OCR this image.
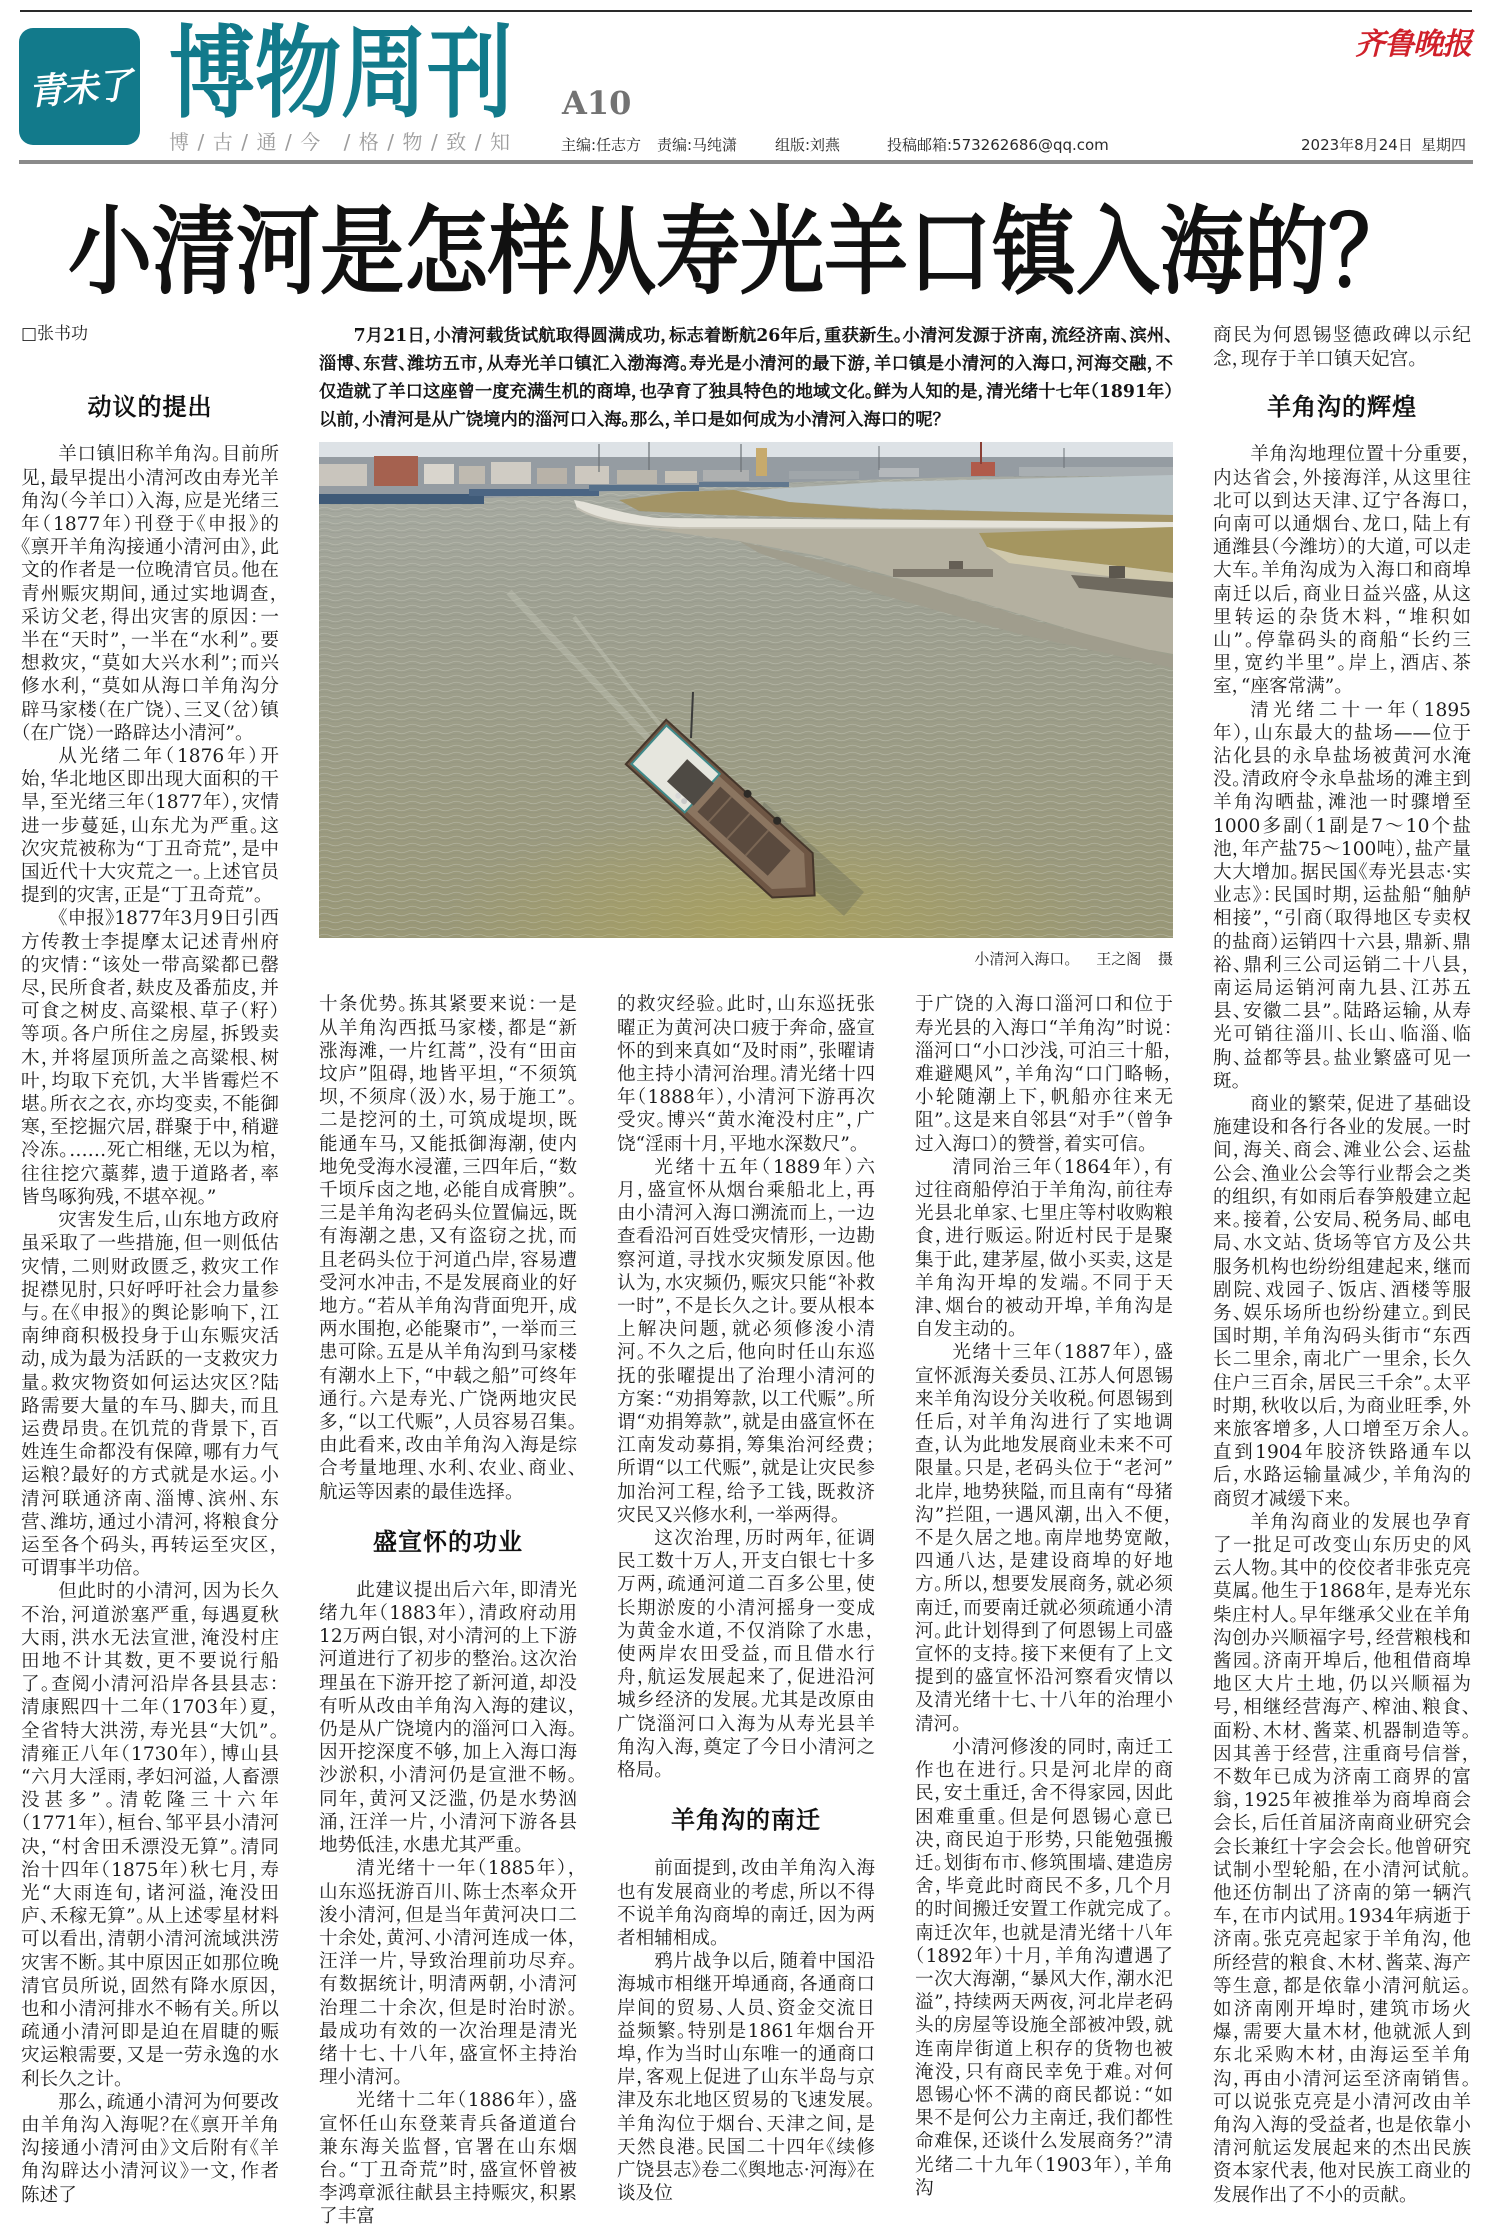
青未了 博物周刊 A10
博/古/通/今 /格/物/致/知	主编:任志方 责编:马纯潇	组版:刘燕	投稿邮箱:573262686@qq.com	2023年8月24日 星期四
齐鲁晚报
小清河是怎样从寿光羊口镇入海的？
□张书功	7月21日，小清河载货试航取得圆满成功，标志着断航26年后，重获新生。小清河发源于济南，流经济南、滨州、淄博、东营、潍坊五市，从寿光羊口镇汇入渤海湾。寿光是小清河的最下游，羊口镇是小清河的入海口，河海交融，不仅造就了羊口这座曾一度充满生机的商埠，也孕育了独具特色的地域文化。鲜为人知的是，清光绪十七年（1891年）以前，小清河是从广饶境内的淄河口入海。那么，羊口是如何成为小清河入海口的呢？

小清河入海口。 王之阁 摄
动议的提出

羊口镇旧称羊角沟。目前所见，最早提出小清河改由寿光羊角沟（今羊口）入海，应是光绪三年（1877年）刊登于《申报》的《禀开羊角沟接通小清河由》，此文的作者是一位晚清官员。他在青州赈灾期间，通过实地调查，采访父老，得出灾害的原因：一半在“天时”，一半在“水利”。要想救灾，“莫如大兴水利”；而兴修水利，“莫如从海口羊角沟分辟马家楼（在广饶）、三叉（岔）镇（在广饶）一路辟达小清河”。

从光绪二年（1876年）开始，华北地区即出现大面积的干旱，至光绪三年（1877年），灾情进一步蔓延，山东尤为严重。这次灾荒被称为“丁丑奇荒”，是中国近代十大灾荒之一。上述官员提到的灾害，正是“丁丑奇荒”。

《申报》1877年3月9日引西方传教士李提摩太记述青州府的灾情：“该处一带高粱都已罄尽，民所食者，麸皮及番茄皮，并可食之树皮、高粱根、草子（籽）等项。各户所住之房屋，拆毁卖木，并将屋顶所盖之高粱根、树叶，均取下充饥，大半皆霉烂不堪。所衣之衣，亦均变卖，不能御寒，至挖掘穴居，群聚于中，稍避冷冻。……死亡相继，无以为棺，往往挖穴藁葬，遗于道路者，率皆鸟啄狗残，不堪卒视。”

灾害发生后，山东地方政府虽采取了一些措施，但一则低估灾情，二则财政匮乏，救灾工作捉襟见肘，只好呼吁社会力量参与。在《申报》的舆论影响下，江南绅商积极投身于山东赈灾活动，成为最为活跃的一支救灾力量。救灾物资如何运达灾区？陆路需要大量的车马、脚夫，而且运费昂贵。在饥荒的背景下，百姓连生命都没有保障，哪有力气运粮？最好的方式就是水运。小清河联通济南、淄博、滨州、东营、潍坊，通过小清河，将粮食分运至各个码头，再转运至灾区，可谓事半功倍。

但此时的小清河，因为长久不治，河道淤塞严重，每遇夏秋大雨，洪水无法宣泄，淹没村庄田地不计其数，更不要说行船了。查阅小清河沿岸各县县志：清康熙四十二年（1703年）夏，全省特大洪涝，寿光县“大饥”。清雍正八年（1730年），博山县“六月大淫雨，孝妇河溢，人畜漂没甚多”。清乾隆三十六年（1771年），桓台、邹平县小清河决，“村舍田禾漂没无算”。清同治十四年（1875年）秋七月，寿光“大雨连旬，诸河溢，淹没田庐、禾稼无算”。从上述零星材料可以看出，清朝小清河流域洪涝灾害不断。其中原因正如那位晚清官员所说，固然有降水原因，也和小清河排水不畅有关。所以疏通小清河即是迫在眉睫的赈灾运粮需要，又是一劳永逸的水利长久之计。

那么，疏通小清河为何要改由羊角沟入海呢？在《禀开羊角沟接通小清河由》文后附有《羊角沟辟达小清河议》一文，作者陈述了

十条优势。拣其紧要来说：一是从羊角沟西抵马家楼，都是“新涨海滩，一片红蒿”，没有“田亩坟庐”阻碍，地皆平坦，“不须筑坝，不须戽（汲）水，易于施工”。二是挖河的土，可筑成堤坝，既能通车马，又能抵御海潮，使内地免受海水浸灌，三四年后，“数千顷斥卤之地，必能自成膏腴”。三是羊角沟老码头位置偏远，既有海潮之患，又有盗窃之扰，而且老码头位于河道凸岸，容易遭受河水冲击，不是发展商业的好地方。“若从羊角沟背面兜开，成两水围抱，必能聚市”，一举而三患可除。五是从羊角沟到马家楼有潮水上下，“中载之船”可终年通行。六是寿光、广饶两地灾民多，“以工代赈”，人员容易召集。由此看来，改由羊角沟入海是综合考量地理、水利、农业、商业、航运等因素的最佳选择。

盛宣怀的功业

此建议提出后六年，即清光绪九年（1883年），清政府动用12万两白银，对小清河的上下游河道进行了初步的整治。这次治理虽在下游开挖了新河道，却没有听从改由羊角沟入海的建议，仍是从广饶境内的淄河口入海。因开挖深度不够，加上入海口海沙淤积，小清河仍是宣泄不畅。同年，黄河又泛滥，仍是水势汹涌，汪洋一片，小清河下游各县地势低洼，水患尤其严重。

清光绪十一年（1885年），山东巡抚游百川、陈士杰率众开浚小清河，但是当年黄河决口二十余处，黄河、小清河连成一体，汪洋一片，导致治理前功尽弃。有数据统计，明清两朝，小清河治理二十余次，但是时治时淤。最成功有效的一次治理是清光绪十七、十八年，盛宣怀主持治理小清河。

光绪十二年（1886年），盛宣怀任山东登莱青兵备道道台兼东海关监督，官署在山东烟台。“丁丑奇荒”时，盛宣怀曾被李鸿章派往献县主持赈灾，积累了丰富

的救灾经验。此时，山东巡抚张曜正为黄河决口疲于奔命，盛宣怀的到来真如“及时雨”，张曜请他主持小清河治理。清光绪十四年（1888年），小清河下游再次受灾。博兴“黄水淹没村庄”，广饶“淫雨十月，平地水深数尺”。

光绪十五年（1889年）六月，盛宣怀从烟台乘船北上，再由小清河入海口溯流而上，一边查看沿河百姓受灾情形，一边勘察河道，寻找水灾频发原因。他认为，水灾频仍，赈灾只能“补救一时”，不是长久之计。要从根本上解决问题，就必须修浚小清河。不久之后，他向时任山东巡抚的张曜提出了治理小清河的方案：“劝捐筹款，以工代赈”。所谓“劝捐筹款”，就是由盛宣怀在江南发动募捐，筹集治河经费；所谓“以工代赈”，就是让灾民参加治河工程，给予工钱，既救济灾民又兴修水利，一举两得。

这次治理，历时两年，征调民工数十万人，开支白银七十多万两，疏通河道二百多公里，使长期淤废的小清河摇身一变成为黄金水道，不仅消除了水患，使两岸农田受益，而且借水行舟，航运发展起来了，促进沿河城乡经济的发展。尤其是改原由广饶淄河口入海为从寿光县羊角沟入海，奠定了今日小清河之格局。

羊角沟的南迁

前面提到，改由羊角沟入海也有发展商业的考虑，所以不得不说羊角沟商埠的南迁，因为两者相辅相成。

鸦片战争以后，随着中国沿海城市相继开埠通商，各通商口岸间的贸易、人员、资金交流日益频繁。特别是1861年烟台开埠，作为当时山东唯一的通商口岸，客观上促进了山东半岛与京津及东北地区贸易的飞速发展。羊角沟位于烟台、天津之间，是天然良港。民国二十四年《续修广饶县志》卷二《舆地志·河海》在谈及位

于广饶的入海口淄河口和位于寿光县的入海口“羊角沟”时说：淄河口“小口沙浅，可泊三十船，难避飓风”，羊角沟“口门略畅，小轮随潮上下，帆船亦往来无阻”。这是来自邻县“对手”（曾争过入海口）的赞誉，着实可信。

清同治三年（1864年），有过往商船停泊于羊角沟，前往寿光县北单家、七里庄等村收购粮食，进行贩运。附近村民于是聚集于此，建茅屋，做小买卖，这是羊角沟开埠的发端。不同于天津、烟台的被动开埠，羊角沟是自发主动的。

光绪十三年（1887年），盛宣怀派海关委员、江苏人何恩锡来羊角沟设分关收税。何恩锡到任后，对羊角沟进行了实地调查，认为此地发展商业未来不可限量。只是，老码头位于“老河”北岸，地势狭隘，而且南有“母猪沟”拦阻，一遇风潮，出入不便，不是久居之地。南岸地势宽敞，四通八达，是建设商埠的好地方。所以，想要发展商务，就必须南迁，而要南迁就必须疏通小清河。此计划得到了何恩锡上司盛宣怀的支持。接下来便有了上文提到的盛宣怀沿河察看灾情以及清光绪十七、十八年的治理小清河。

小清河修浚的同时，南迁工作也在进行。只是河北岸的商民，安土重迁，舍不得家园，因此困难重重。但是何恩锡心意已决，商民迫于形势，只能勉强搬迁。划街布市、修筑围墙、建造房舍，毕竟此时商民不多，几个月的时间搬迁安置工作就完成了。南迁次年，也就是清光绪十八年（1892年）十月，羊角沟遭遇了一次大海潮，“暴风大作，潮水汜溢”，持续两天两夜，河北岸老码头的房屋等设施全部被冲毁，就连南岸街道上积存的货物也被淹没，只有商民幸免于难。对何恩锡心怀不满的商民都说：“如果不是何公力主南迁，我们都性命难保，还谈什么发展商务？”清光绪二十九年（1903年），羊角沟

商民为何恩锡竖德政碑以示纪念，现存于羊口镇天妃宫。

羊角沟的辉煌

羊角沟地理位置十分重要，内达省会，外接海洋，从这里往北可以到达天津、辽宁各海口，向南可以通烟台、龙口，陆上有通潍县（今潍坊）的大道，可以走大车。羊角沟成为入海口和商埠南迁以后，商业日益兴盛，从这里转运的杂货木料，“堆积如山”。停靠码头的商船“长约三里，宽约半里”。岸上，酒店、茶室，“座客常满”。

清光绪二十一年（1895年），山东最大的盐场——位于沾化县的永阜盐场被黄河水淹没。清政府令永阜盐场的滩主到羊角沟晒盐，滩池一时骤增至1000多副（1副是7～10个盐池，年产盐75～100吨），盐产量大大增加。据民国《寿光县志·实业志》：民国时期，运盐船“舳舻相接”，“引商（取得地区专卖权的盐商）运销四十六县，鼎新、鼎裕、鼎利三公司运销二十八县，南运局运销河南九县、江苏五县、安徽二县”。陆路运输，从寿光可销往淄川、长山、临淄、临朐、益都等县。盐业繁盛可见一斑。

商业的繁荣，促进了基础设施建设和各行各业的发展。一时间，海关、商会、滩业公会、运盐公会、渔业公会等行业帮会之类的组织，有如雨后春笋般建立起来。接着，公安局、税务局、邮电局、水文站、货场等官方及公共服务机构也纷纷组建起来，继而剧院、戏园子、饭店、酒楼等服务、娱乐场所也纷纷建立。到民国时期，羊角沟码头街市“东西长二里余，南北广一里余，长久住户三百余，居民三千余”。太平时期，秋收以后，为商业旺季，外来旅客增多，人口增至万余人。直到1904年胶济铁路通车以后，水路运输量减少，羊角沟的商贸才减缓下来。

羊角沟商业的发展也孕育了一批足可改变山东历史的风云人物。其中的佼佼者非张克亮莫属。他生于1868年，是寿光东柴庄村人。早年继承父业在羊角沟创办兴顺福字号，经营粮栈和酱园。济南开埠后，他租借商埠地区大片土地，仍以兴顺福为号，相继经营海产、榨油、粮食、面粉、木材、酱菜、机器制造等。因其善于经营，注重商号信誉，不数年已成为济南工商界的富翁，1925年被推举为商埠商会会长，后任首届济南商业研究会会长兼红十字会会长。他曾研究试制小型轮船，在小清河试航。他还仿制出了济南的第一辆汽车，在市内试用。1934年病逝于济南。张克亮起家于羊角沟，他所经营的粮食、木材、酱菜、海产等生意，都是依靠小清河航运。如济南刚开埠时，建筑市场火爆，需要大量木材，他就派人到东北采购木材，由海运至羊角沟，再由小清河运至济南销售。可以说张克亮是小清河改由羊角沟入海的受益者，也是依靠小清河航运发展起来的杰出民族资本家代表，他对民族工商业的发展作出了不小的贡献。
